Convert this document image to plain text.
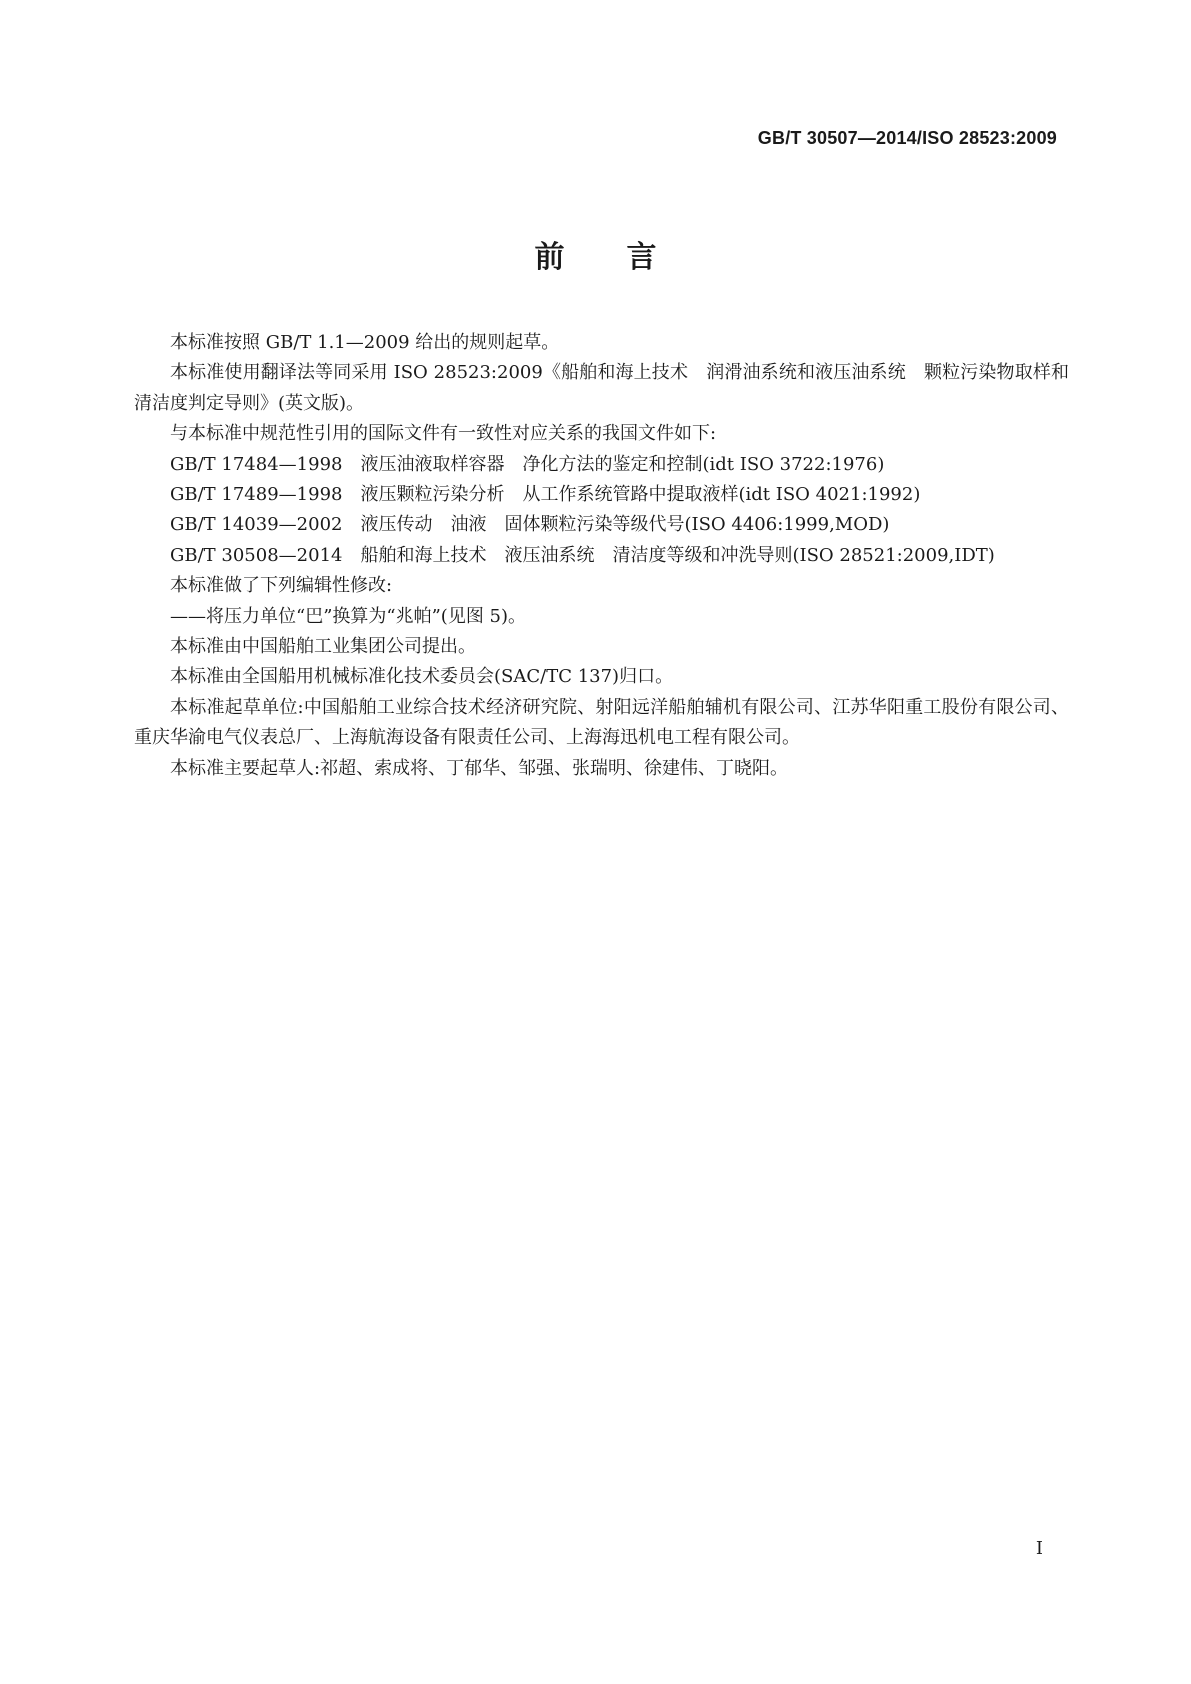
GB/T 30507—2014/ISO 28523:2009
前言

本标准按照 GB/T 1.1—2009 给出的规则起草。

本标准使用翻译法等同采用 ISO 28523:2009《船舶和海上技术　润滑油系统和液压油系统　颗粒污染物取样和清洁度判定导则》(英文版)。

与本标准中规范性引用的国际文件有一致性对应关系的我国文件如下:

GB/T 17484—1998　液压油液取样容器　净化方法的鉴定和控制(idt ISO 3722:1976)

GB/T 17489—1998　液压颗粒污染分析　从工作系统管路中提取液样(idt ISO 4021:1992)

GB/T 14039—2002　液压传动　油液　固体颗粒污染等级代号(ISO 4406:1999,MOD)

GB/T 30508—2014　船舶和海上技术　液压油系统　清洁度等级和冲洗导则(ISO 28521:2009,IDT)

本标准做了下列编辑性修改:

——将压力单位“巴”换算为“兆帕”(见图 5)。

本标准由中国船舶工业集团公司提出。

本标准由全国船用机械标准化技术委员会(SAC/TC 137)归口。

本标准起草单位:中国船舶工业综合技术经济研究院、射阳远洋船舶辅机有限公司、江苏华阳重工股份有限公司、重庆华渝电气仪表总厂、上海航海设备有限责任公司、上海海迅机电工程有限公司。

本标准主要起草人:祁超、索成将、丁郁华、邹强、张瑞明、徐建伟、丁晓阳。

I
